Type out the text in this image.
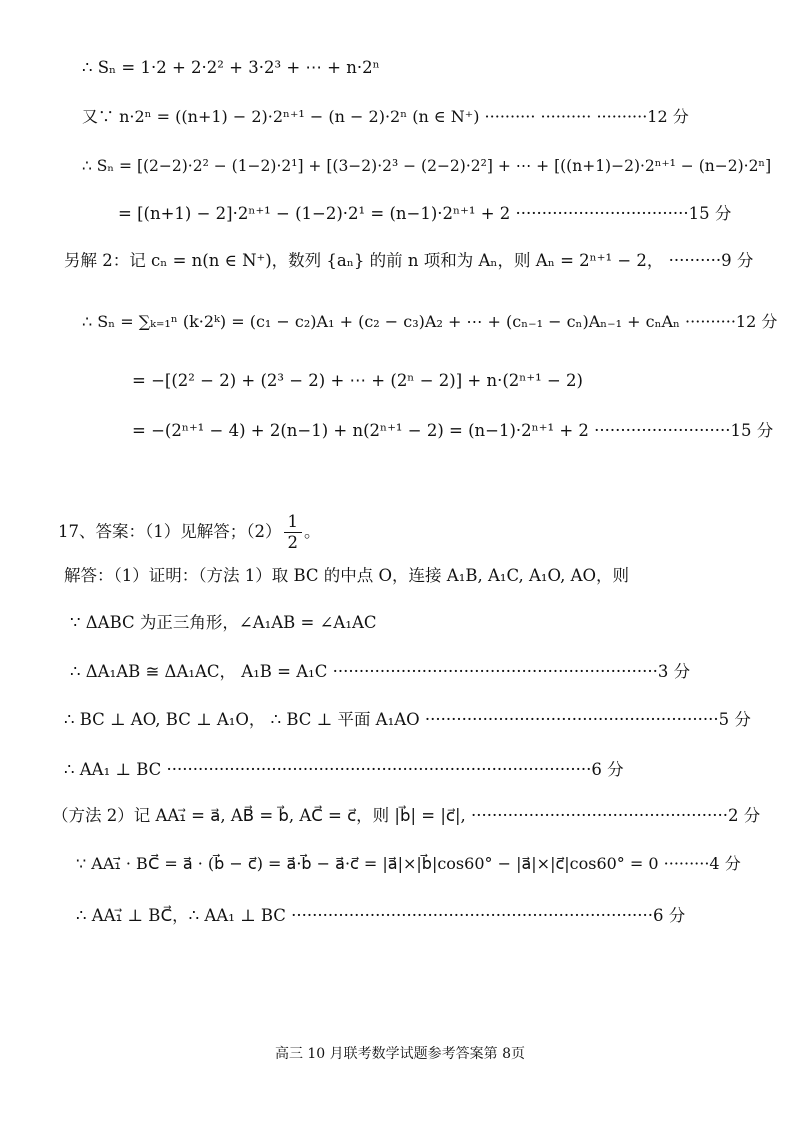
∴ Sₙ = 1·2 + 2·2² + 3·2³ + ⋯ + n·2ⁿ
又∵ n·2ⁿ = ((n+1) − 2)·2ⁿ⁺¹ − (n − 2)·2ⁿ (n ∈ N⁺) ·········· ·········· ··········12 分
∴ Sₙ = [(2−2)·2² − (1−2)·2¹] + [(3−2)·2³ − (2−2)·2²] + ⋯ + [((n+1)−2)·2ⁿ⁺¹ − (n−2)·2ⁿ]
= [(n+1) − 2]·2ⁿ⁺¹ − (1−2)·2¹ = (n−1)·2ⁿ⁺¹ + 2 ·································15 分
另解 2：记 cₙ = n(n ∈ N⁺)，数列 {aₙ} 的前 n 项和为 Aₙ，则 Aₙ = 2ⁿ⁺¹ − 2， ··········9 分
∴ Sₙ = ∑ₖ₌₁ⁿ (k·2ᵏ) = (c₁ − c₂)A₁ + (c₂ − c₃)A₂ + ⋯ + (cₙ₋₁ − cₙ)Aₙ₋₁ + cₙAₙ ··········12 分
= −[(2² − 2) + (2³ − 2) + ⋯ + (2ⁿ − 2)] + n·(2ⁿ⁺¹ − 2)
= −(2ⁿ⁺¹ − 4) + 2(n−1) + n(2ⁿ⁺¹ − 2) = (n−1)·2ⁿ⁺¹ + 2 ··························15 分
17、答案：（1）见解答；$(2) \frac{1}{2}$ 。
解答：（1）证明：（方法 1）取 BC 的中点 O，连接 A₁B, A₁C, A₁O, AO，则
∵ ΔABC 为正三角形，∠A₁AB = ∠A₁AC
∴ ΔA₁AB ≅ ΔA₁AC， A₁B = A₁C ······························································3 分
∴ BC ⊥ AO, BC ⊥ A₁O， ∴ BC ⊥ 平面 A₁AO ························································5 分
∴ AA₁ ⊥ BC ·················································································6 分
（方法 2）记 AA₁⃗ = a⃗, AB⃗ = b⃗, AC⃗ = c⃗，则 |b⃗| = |c⃗|, ·················································2 分
∵ AA₁⃗ · BC⃗ = a⃗ · (b⃗ − c⃗) = a⃗·b⃗ − a⃗·c⃗ = |a⃗|×|b⃗|cos60° − |a⃗|×|c⃗|cos60° = 0 ·········4 分
∴ AA₁⃗ ⊥ BC⃗，∴ AA₁ ⊥ BC ·····································································6 分
高三 10 月联考数学试题参考答案第 8页
